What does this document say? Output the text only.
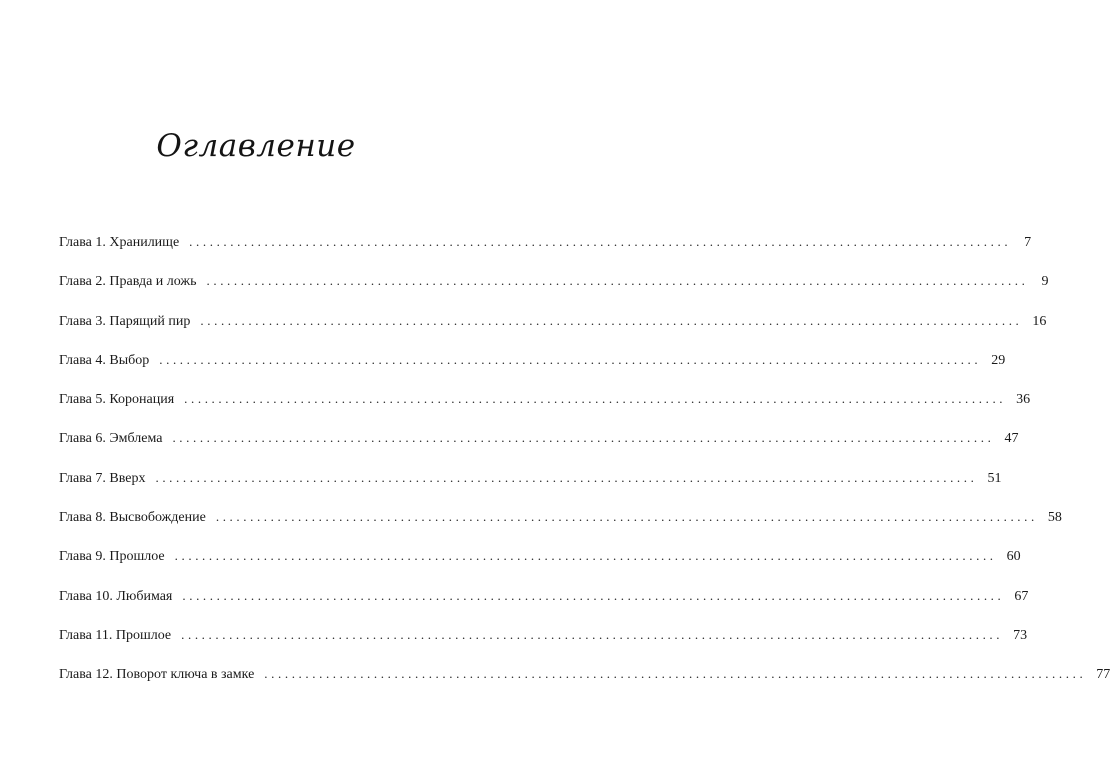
Оглавление
Глава 1. Хранилище ........................................................................................................................ 7
Глава 2. Правда и ложь ........................................................................................................................ 9
Глава 3. Парящий пир ........................................................................................................................ 16
Глава 4. Выбор ........................................................................................................................ 29
Глава 5. Коронация ........................................................................................................................ 36
Глава 6. Эмблема ........................................................................................................................ 47
Глава 7. Вверх ........................................................................................................................ 51
Глава 8. Высвобождение ........................................................................................................................ 58
Глава 9. Прошлое ........................................................................................................................ 60
Глава 10. Любимая ........................................................................................................................ 67
Глава 11. Прошлое ........................................................................................................................ 73
Глава 12. Поворот ключа в замке ........................................................................................................................ 77
